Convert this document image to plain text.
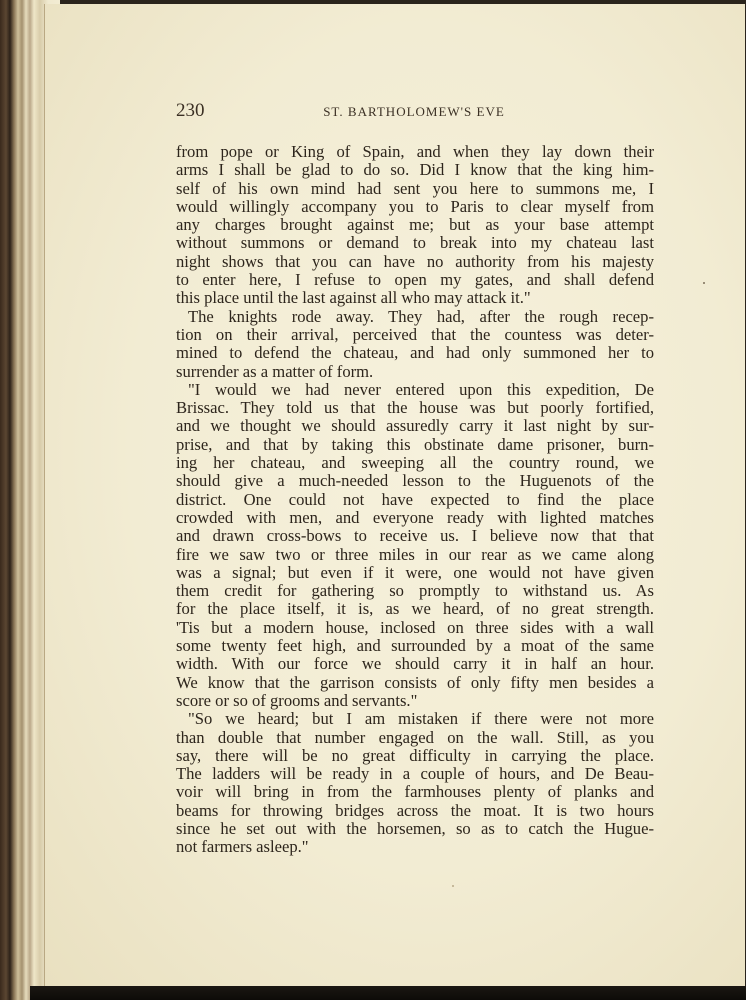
230	ST. BARTHOLOMEW'S EVE
from pope or King of Spain, and when they lay down their
arms I shall be glad to do so. Did I know that the king him-
self of his own mind had sent you here to summons me, I
would willingly accompany you to Paris to clear myself from
any charges brought against me; but as your base attempt
without summons or demand to break into my chateau last
night shows that you can have no authority from his majesty
to enter here, I refuse to open my gates, and shall defend
this place until the last against all who may attack it."
The knights rode away. They had, after the rough recep-
tion on their arrival, perceived that the countess was deter-
mined to defend the chateau, and had only summoned her to
surrender as a matter of form.
"I would we had never entered upon this expedition, De
Brissac. They told us that the house was but poorly fortified,
and we thought we should assuredly carry it last night by sur-
prise, and that by taking this obstinate dame prisoner, burn-
ing her chateau, and sweeping all the country round, we
should give a much-needed lesson to the Huguenots of the
district. One could not have expected to find the place
crowded with men, and everyone ready with lighted matches
and drawn cross-bows to receive us. I believe now that that
fire we saw two or three miles in our rear as we came along
was a signal; but even if it were, one would not have given
them credit for gathering so promptly to withstand us. As
for the place itself, it is, as we heard, of no great strength.
'Tis but a modern house, inclosed on three sides with a wall
some twenty feet high, and surrounded by a moat of the same
width. With our force we should carry it in half an hour.
We know that the garrison consists of only fifty men besides a
score or so of grooms and servants."
"So we heard; but I am mistaken if there were not more
than double that number engaged on the wall. Still, as you
say, there will be no great difficulty in carrying the place.
The ladders will be ready in a couple of hours, and De Beau-
voir will bring in from the farmhouses plenty of planks and
beams for throwing bridges across the moat. It is two hours
since he set out with the horsemen, so as to catch the Hugue-
not farmers asleep."
